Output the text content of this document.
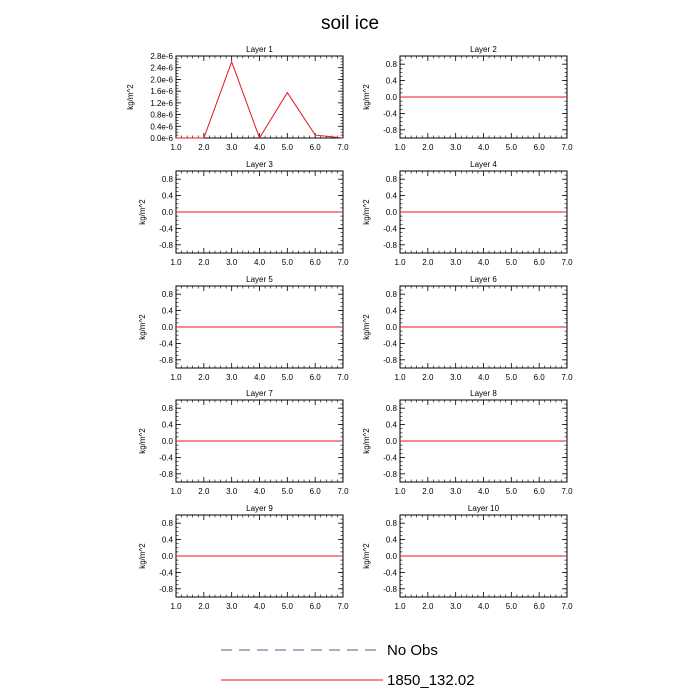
soil ice
Layer 1
1.0 2.0 3.0 4.0 5.0 6.0 7.0
0.0e-6
0.4e-6
0.8e-6
1.2e-6
1.6e-6
2.0e-6
2.4e-6
2.8e-6
kg/m^2
Layer 2
1.0 2.0 3.0 4.0 5.0 6.0 7.0
-0.8
-0.4
0.0
0.4
0.8
kg/m^2
Layer 3
1.0 2.0 3.0 4.0 5.0 6.0 7.0
-0.8
-0.4
0.0
0.4
0.8
kg/m^2
Layer 4
1.0 2.0 3.0 4.0 5.0 6.0 7.0
-0.8
-0.4
0.0
0.4
0.8
kg/m^2
Layer 5
1.0 2.0 3.0 4.0 5.0 6.0 7.0
-0.8
-0.4
0.0
0.4
0.8
kg/m^2
Layer 6
1.0 2.0 3.0 4.0 5.0 6.0 7.0
-0.8
-0.4
0.0
0.4
0.8
kg/m^2
Layer 7
1.0 2.0 3.0 4.0 5.0 6.0 7.0
-0.8
-0.4
0.0
0.4
0.8
kg/m^2
Layer 8
1.0 2.0 3.0 4.0 5.0 6.0 7.0
-0.8
-0.4
0.0
0.4
0.8
kg/m^2
Layer 9
1.0 2.0 3.0 4.0 5.0 6.0 7.0
-0.8
-0.4
0.0
0.4
0.8
kg/m^2
Layer 10
1.0 2.0 3.0 4.0 5.0 6.0 7.0
-0.8
-0.4
0.0
0.4
0.8
kg/m^2
No Obs
1850_132.02
